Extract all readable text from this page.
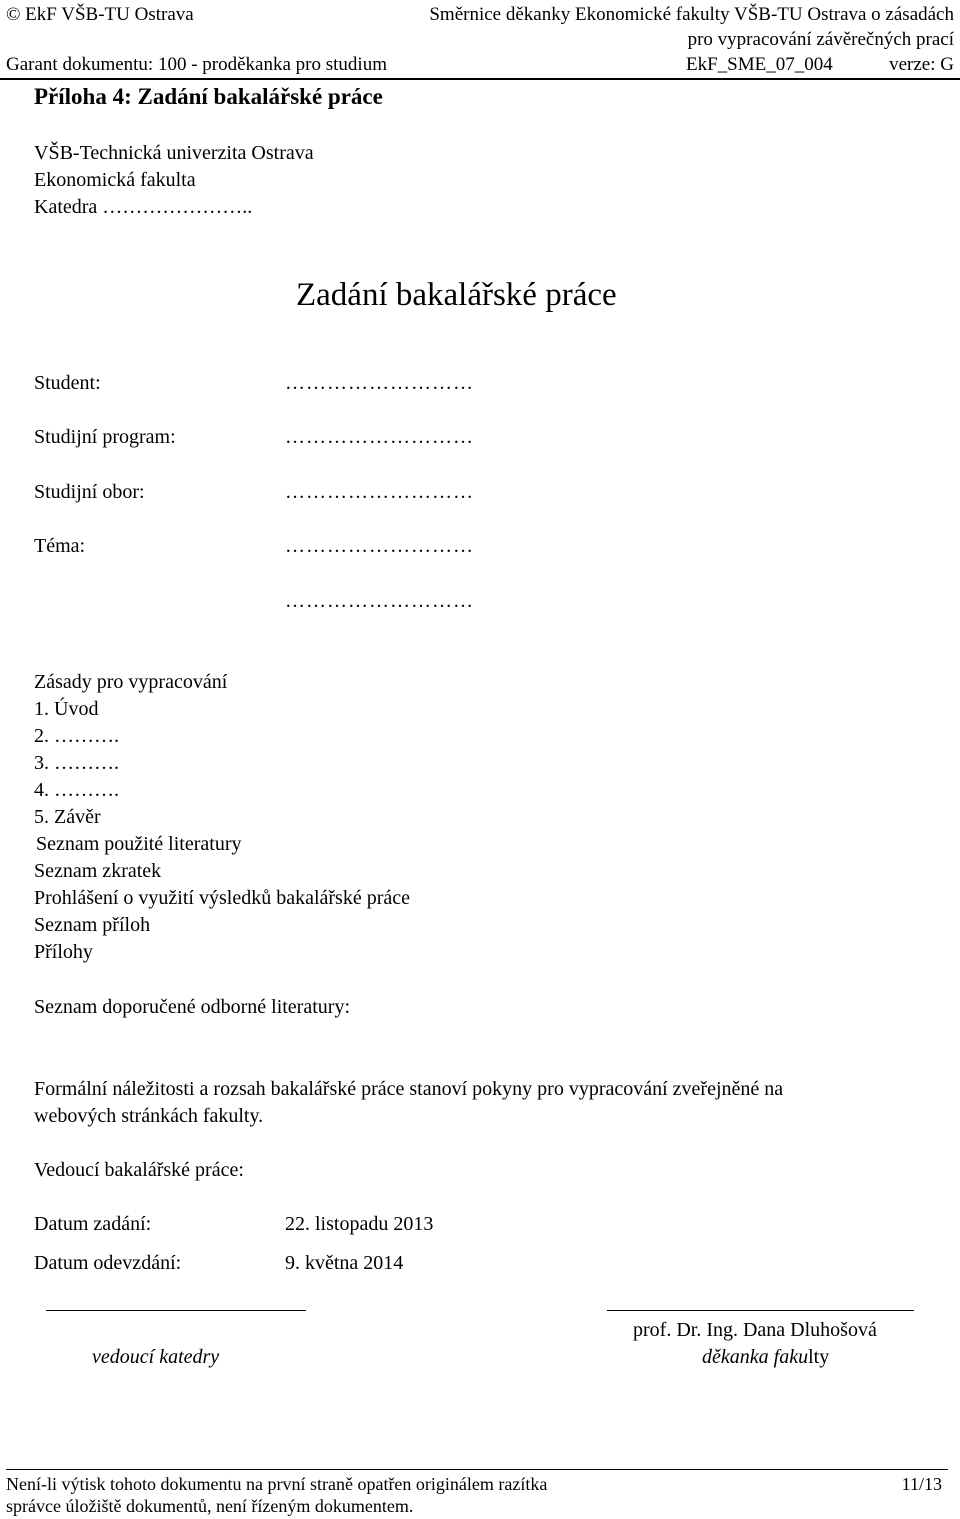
© EkF VŠB-TU Ostrava	Směrnice děkanky Ekonomické fakulty VŠB-TU Ostrava o zásadách
pro vypracování závěrečných prací
Garant dokumentu: 100 - proděkanka pro studium	EkF_SME_07_004	verze: G
Příloha 4: Zadání bakalářské práce
VŠB-Technická univerzita Ostrava
Ekonomická fakulta
Katedra …………………..
Zadání bakalářské práce
Student:	………………………
Studijní program:	………………………
Studijní obor:	………………………
Téma:	………………………
………………………
Zásady pro vypracování
1. Úvod
2. ……….
3. ……….
4. ……….
5. Závěr
Seznam použité literatury
Seznam zkratek
Prohlášení o využití výsledků bakalářské práce
Seznam příloh
Přílohy
Seznam doporučené odborné literatury:
Formální náležitosti a rozsah bakalářské práce stanoví pokyny pro vypracování zveřejněné na
webových stránkách fakulty.
Vedoucí bakalářské práce:
Datum zadání:	22. listopadu 2013
Datum odevzdání:	9. května 2014
prof. Dr. Ing. Dana Dluhošová
vedoucí katedry	děkanka fakulty
Není-li výtisk tohoto dokumentu na první straně opatřen originálem razítka
správce úložiště dokumentů, není řízeným dokumentem.
11/13
